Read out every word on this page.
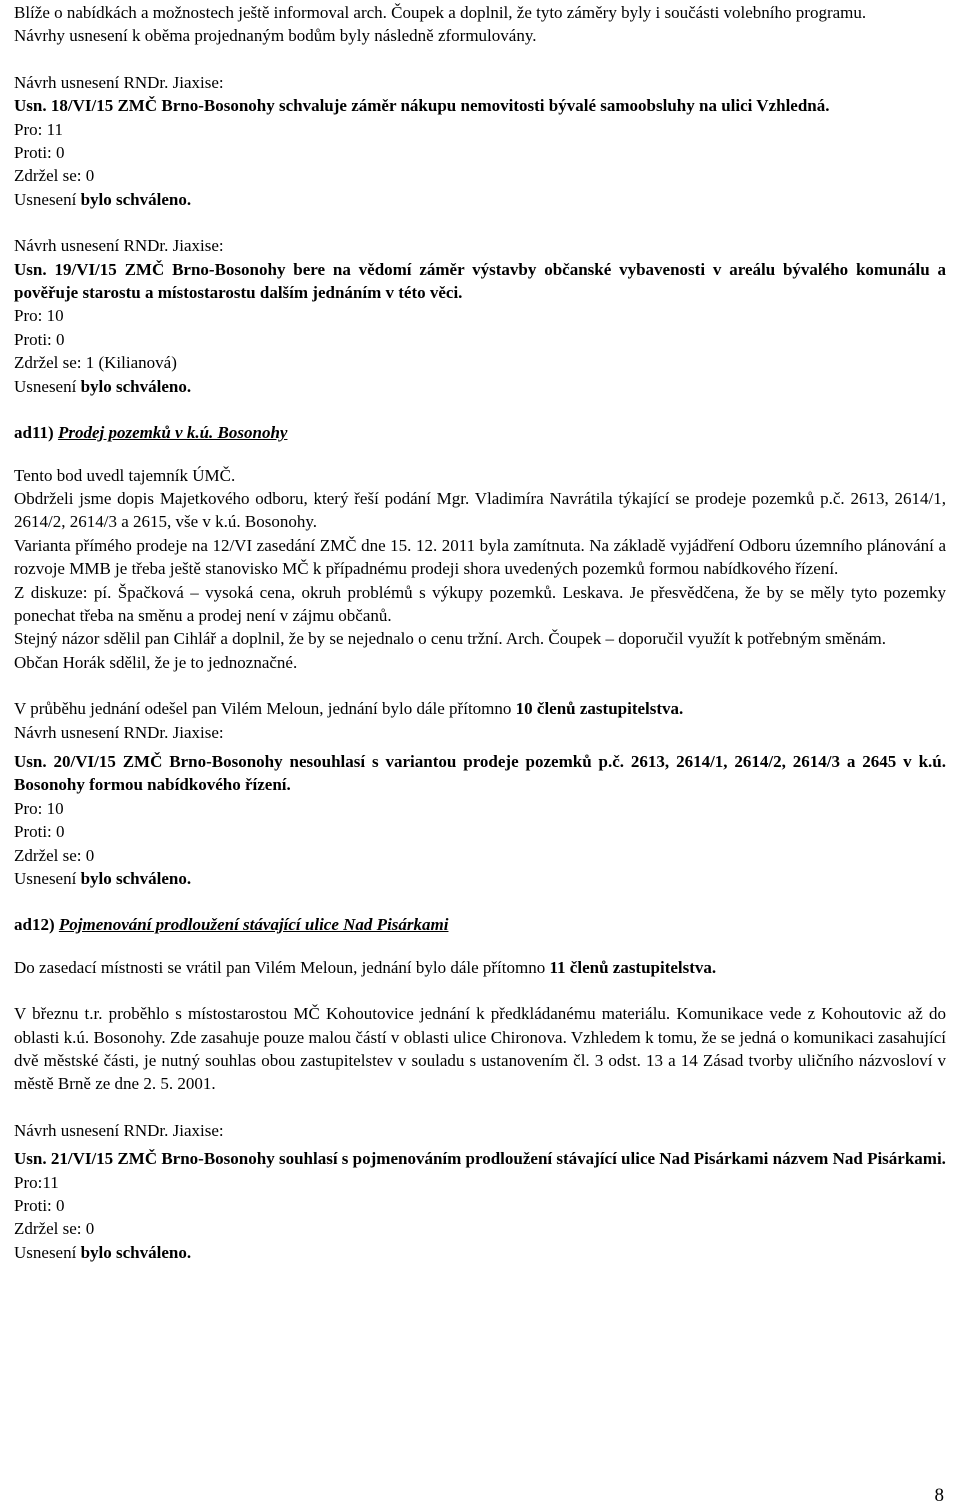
Blíže o nabídkách a možnostech ještě informoval arch. Čoupek a doplnil, že tyto záměry byly i součásti volebního programu.

Návrhy usnesení k oběma projednaným bodům byly následně zformulovány.

Návrh usnesení RNDr. Jiaxise:

Usn. 18/VI/15 ZMČ Brno-Bosonohy schvaluje záměr nákupu nemovitosti bývalé samoobsluhy na ulici Vzhledná.

Pro: 11

Proti: 0

Zdržel se: 0

Usnesení bylo schváleno.

Návrh usnesení RNDr. Jiaxise:

Usn. 19/VI/15 ZMČ Brno-Bosonohy bere na vědomí záměr výstavby občanské vybavenosti v areálu bývalého komunálu a pověřuje starostu a místostarostu dalším jednáním v této věci.

Pro: 10

Proti: 0

Zdržel se: 1 (Kilianová)

Usnesení bylo schváleno.

ad11) Prodej pozemků v k.ú. Bosonohy

Tento bod uvedl tajemník ÚMČ.

Obdrželi jsme dopis Majetkového odboru, který řeší podání Mgr. Vladimíra Navrátila týkající se prodeje pozemků p.č. 2613, 2614/1, 2614/2, 2614/3 a 2615, vše v k.ú. Bosonohy.

Varianta přímého prodeje na 12/VI zasedání ZMČ dne 15. 12. 2011 byla zamítnuta. Na základě vyjádření Odboru územního plánování a rozvoje MMB je třeba ještě stanovisko MČ k případnému prodeji shora uvedených pozemků formou nabídkového řízení.

Z diskuze: pí. Špačková – vysoká cena, okruh problémů s výkupy pozemků. Leskava. Je přesvědčena, že by se měly tyto pozemky ponechat třeba na směnu a prodej není v zájmu občanů.

Stejný názor sdělil pan Cihlář a doplnil, že by se nejednalo o cenu tržní. Arch. Čoupek – doporučil využít k potřebným směnám.

Občan Horák sdělil, že je to jednoznačné.

V průběhu jednání odešel pan Vilém Meloun, jednání bylo dále přítomno 10 členů zastupitelstva.

Návrh usnesení RNDr. Jiaxise:

Usn. 20/VI/15 ZMČ Brno-Bosonohy nesouhlasí s variantou prodeje pozemků p.č. 2613, 2614/1, 2614/2, 2614/3 a 2645 v k.ú. Bosonohy formou nabídkového řízení.

Pro: 10

Proti: 0

Zdržel se: 0

Usnesení bylo schváleno.

ad12) Pojmenování prodloužení stávající ulice Nad Pisárkami

Do zasedací místnosti se vrátil pan Vilém Meloun, jednání bylo dále přítomno 11 členů zastupitelstva.

V březnu t.r. proběhlo s místostarostou MČ Kohoutovice jednání k předkládanému materiálu. Komunikace vede z Kohoutovic až do oblasti k.ú. Bosonohy. Zde zasahuje pouze malou částí v oblasti ulice Chironova. Vzhledem k tomu, že se jedná o komunikaci zasahující dvě městské části, je nutný souhlas obou zastupitelstev v souladu s ustanovením čl. 3 odst. 13 a 14 Zásad tvorby uličního názvosloví v městě Brně ze dne 2. 5. 2001.

Návrh usnesení RNDr. Jiaxise:

Usn. 21/VI/15 ZMČ Brno-Bosonohy souhlasí s pojmenováním prodloužení stávající ulice Nad Pisárkami názvem Nad Pisárkami.

Pro:11

Proti: 0

Zdržel se: 0

Usnesení bylo schváleno.

8
